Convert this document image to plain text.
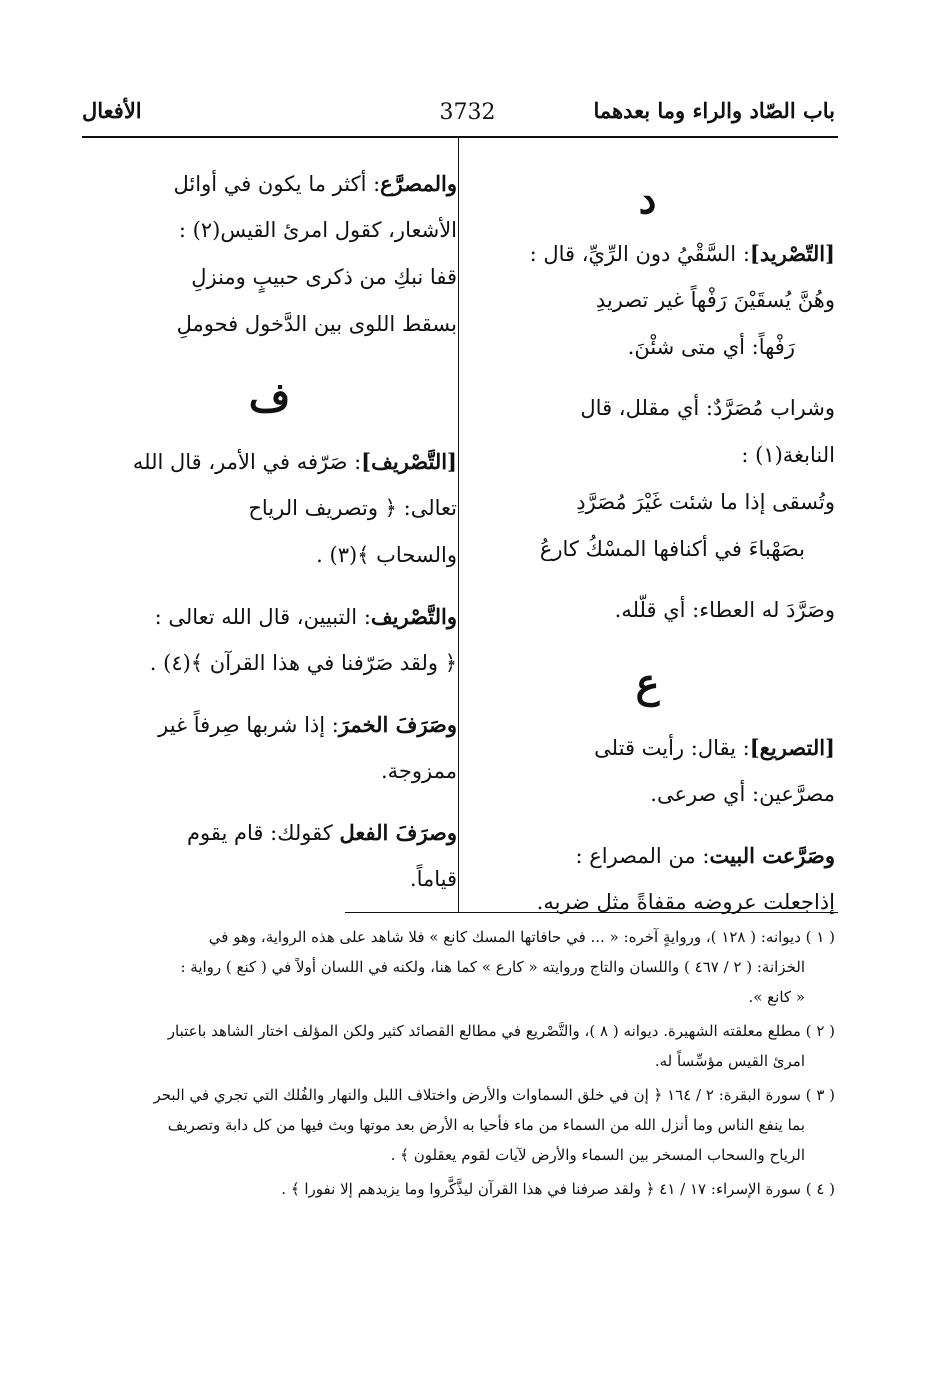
باب الصّاد والراء وما بعدهما
3732
الأفعال
د
[التّصْريد]: السَّقْيُ دون الرِّيِّ، قال :
وهُنَّ يُسقَيْنَ رَفْهاً غير تصريدِ
رَفْهاً: أي متى شئْنَ.
وشراب مُصَرَّدٌ: أي مقلل، قال
النابغة(١) :
وتُسقى إذا ما شئت غَيْرَ مُصَرَّدِ
بصَهْباءَ في أكنافها المسْكُ كارعُ
وصَرَّدَ له العطاء: أي قلّله.
ع
[التصريع]: يقال: رأيت قتلى
مصرَّعين: أي صرعى.
وصَرَّعت البيت: من المصراع :
إذاجعلت عروضه مقفاةً مثل ضربه.
والمصرَّع: أكثر ما يكون في أوائل
الأشعار، كقول امرئ القيس(٢) :
قفا نبكِ من ذكرى حبيبٍ ومنزلِ
بسقط اللوى بين الدَّخول فحوملِ
ف
[التَّصْريف]: صَرّفه في الأمر، قال الله
تعالى: ﴿ وتصريف الرياح
والسحاب ﴾(٣) .
والتَّصْريف: التبيين، قال الله تعالى :
﴿ ولقد صَرّفنا في هذا القرآن ﴾(٤) .
وصَرَفَ الخمرَ: إذا شربها صِرفاً غير
ممزوجة.
وصرَفَ الفعل كقولك: قام يقوم
قياماً.
( ١ ) ديوانه: ( ١٢٨ )، وروايةٍ آخره: « ... في حافاتها المسك كانع » فلا شاهد على هذه الرواية، وهو في
الخزانة: ( ٢ / ٤٦٧ ) واللسان والتاج وروايته « كارع » كما هنا، ولكنه في اللسان أولاً في ( كنع ) رواية :
« كانع ».
( ٢ ) مطلع معلقته الشهيرة. ديوانه ( ٨ )، والتَّصْريع في مطالع القصائد كثير ولكن المؤلف اختار الشاهد باعتبار
امرئ القيس مؤسِّساً له.
( ٣ ) سورة البقرة: ٢ / ١٦٤ ﴿ إن في خلق السماوات والأرض واختلاف الليل والنهار والفُلك التي تجري في البحر
بما ينفع الناس وما أنزل الله من السماء من ماء فأحيا به الأرض بعد موتها وبث فيها من كل دابة وتصريف
الرياح والسحاب المسخر بين السماء والأرض لآيات لقوم يعقلون ﴾ .
( ٤ ) سورة الإسراء: ١٧ / ٤١ ﴿ ولقد صرفنا في هذا القرآن ليذَّكَّروا وما يزيدهم إلا نفورا ﴾ .
